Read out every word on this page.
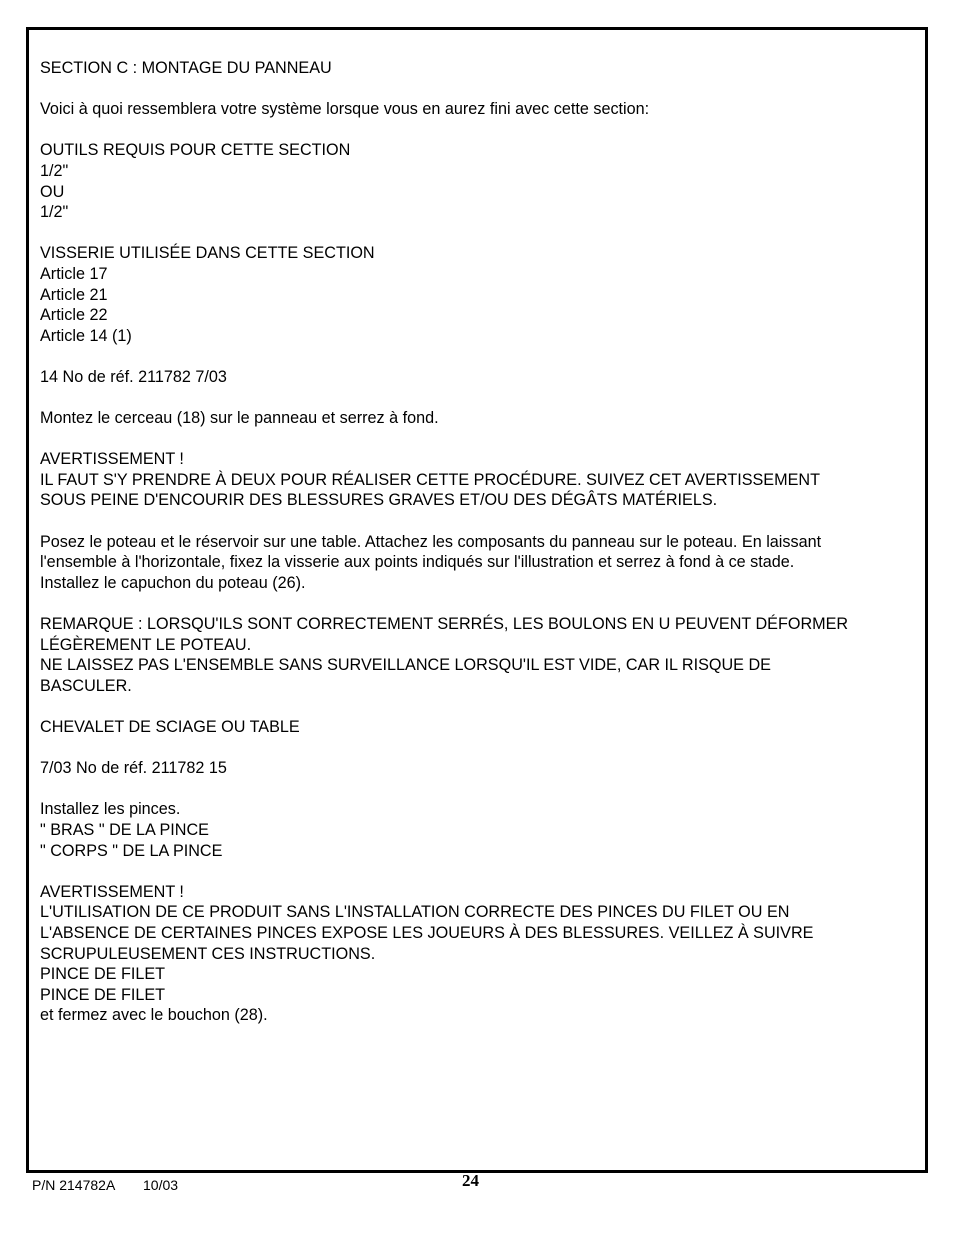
SECTION C : MONTAGE DU PANNEAU
Voici à quoi ressemblera votre système lorsque vous en aurez fini avec cette section:
OUTILS REQUIS POUR CETTE SECTION
1/2"
OU
1/2"
VISSERIE UTILISÉE DANS CETTE SECTION
Article 17
Article 21
Article 22
Article 14 (1)
14 No de réf. 211782 7/03
Montez le cerceau (18) sur le panneau et serrez à fond.
AVERTISSEMENT !
IL FAUT S'Y PRENDRE À DEUX POUR RÉALISER CETTE PROCÉDURE. SUIVEZ CET AVERTISSEMENT
SOUS PEINE D'ENCOURIR DES BLESSURES GRAVES ET/OU DES DÉGÂTS MATÉRIELS.
Posez le poteau et le réservoir sur une table. Attachez les composants du panneau sur le poteau. En laissant
l'ensemble à l'horizontale, fixez la visserie aux points indiqués sur l'illustration et serrez à fond à ce stade.
Installez le capuchon du poteau (26).
REMARQUE : LORSQU'ILS SONT CORRECTEMENT SERRÉS, LES BOULONS EN U PEUVENT DÉFORMER
LÉGÈREMENT LE POTEAU.
NE LAISSEZ PAS L'ENSEMBLE SANS SURVEILLANCE LORSQU'IL EST VIDE, CAR IL RISQUE DE
BASCULER.
CHEVALET DE SCIAGE OU TABLE
7/03 No de réf. 211782 15
Installez les pinces.
" BRAS " DE LA PINCE
" CORPS " DE LA PINCE
AVERTISSEMENT !
L'UTILISATION DE CE PRODUIT SANS L'INSTALLATION CORRECTE DES PINCES DU FILET OU EN
L'ABSENCE DE CERTAINES PINCES EXPOSE LES JOUEURS À DES BLESSURES. VEILLEZ À SUIVRE
SCRUPULEUSEMENT CES INSTRUCTIONS.
PINCE DE FILET
PINCE DE FILET
et fermez avec le bouchon (28).
P/N 214782A 10/03	24
